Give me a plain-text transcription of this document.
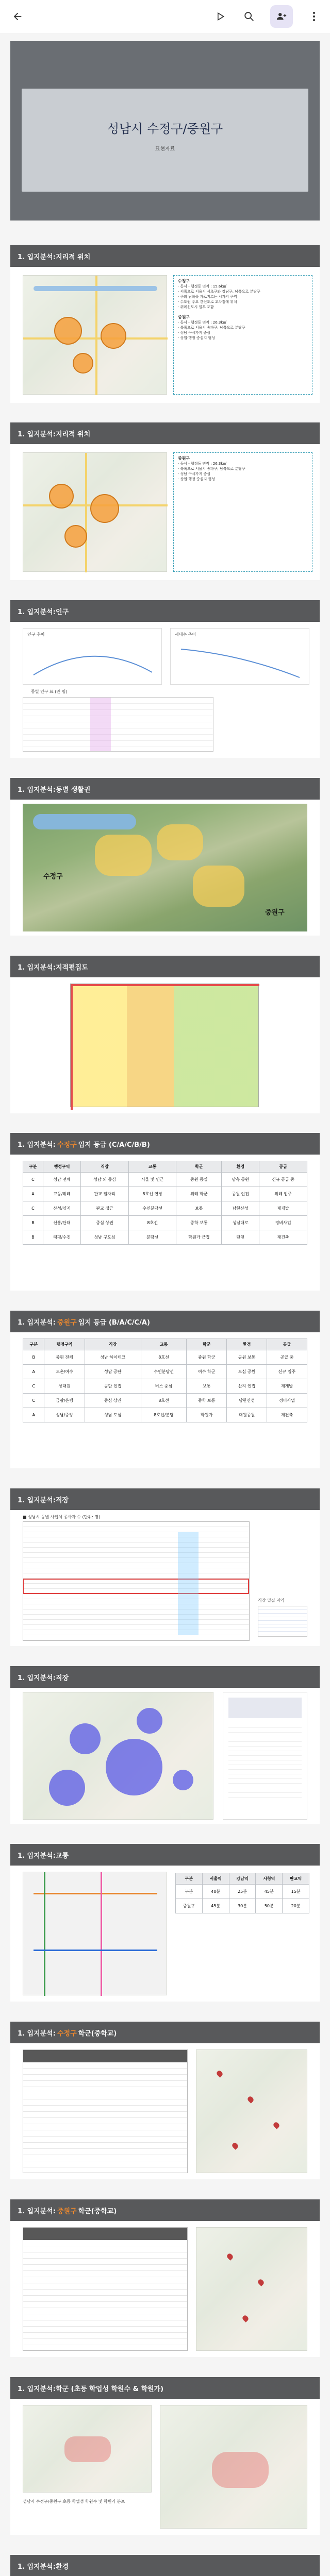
성남시 수정구/중원구
표현자료
1. 입지분석: 지리적 위치
수정구
· 동서 - 행정동 면적 : 15.6k㎡
· 서쪽으로 서울시 서초구와 강남구, 남쪽으로 분당구
· 구의 남북을 가로지르는 시가지 구역
· 수도권 주요 간선도로 교차점에 위치
· 위례신도시 일부 포함

중원구
· 동서 - 행정동 면적 : 26.3k㎡
· 북쪽으로 서울시 송파구, 남쪽으로 분당구
· 성남 구시가지 중심
· 상업·행정 중심지 형성
1. 입지분석: 지리적 위치
중원구
· 동서 - 행정동 면적 : 26.3k㎡
· 북쪽으로 서울시 송파구, 남쪽으로 분당구
· 성남 구시가지 중심
· 상업·행정 중심지 형성
1. 입지분석: 인구
인구 추이	세대수 추이
동별 인구 표 (만 명)
1. 입지분석: 동별 생활권
수정구
중원구
1. 입지분석: 지적편집도
1. 입지분석: 수정구 입지 등급 (C/A/C/B/B)
구분	행정구역	직장	교통	학군	환경	공급
C	성남 전체	성남 외 중심	서울 및 인근	중원 동일	남측 공원	신규 공급 중
A	고등/위례	판교 일자리	8호선 연장	위례 학군	공원 인접	위례 입주
C	산성/양지	판교 접근	수인분당선	보통	남한산성	재개발
B	신흥/단대	중심 상권	8호선	중학 보통	성남대로	정비사업
B	태평/수진	성남 구도심	분당선	학원가 근접	탄천	재건축
1. 입지분석: 중원구 입지 등급 (B/A/C/C/A)
구분	행정구역	직장	교통	학군	환경	공급
B	중원 전체	성남 하이테크	8호선	중원 학군	공원 보통	공급 중
A	도촌/여수	성남 공단	수인분당선	여수 학군	도심 공원	신규 입주
C	상대원	공단 인접	버스 중심	보통	산지 인접	재개발
C	금광/은행	중심 상권	8호선	중학 보통	남한산성	정비사업
A	성남/중앙	성남 도심	8호선/분당	학원가	대원공원	재건축
1. 입지분석: 직장
■ 성남시 동별 사업체 종사자 수 (단위: 명)
직장 밀집 지역
1. 입지분석: 직장
1. 입지분석: 교통
구분	서울역	강남역	시청역	판교역
구분	40분	25분	45분	15분
중원구	45분	30분	50분	20분
1. 입지분석: 수정구 학군(중학교)
1. 입지분석: 중원구 학군(중학교)
1. 입지분석: 학군 (초등 학업성 학원수 & 학원가)
성남시 수정구/중원구 초등 학업성 학원수 및 학원가 분포
1. 입지분석: 환경
